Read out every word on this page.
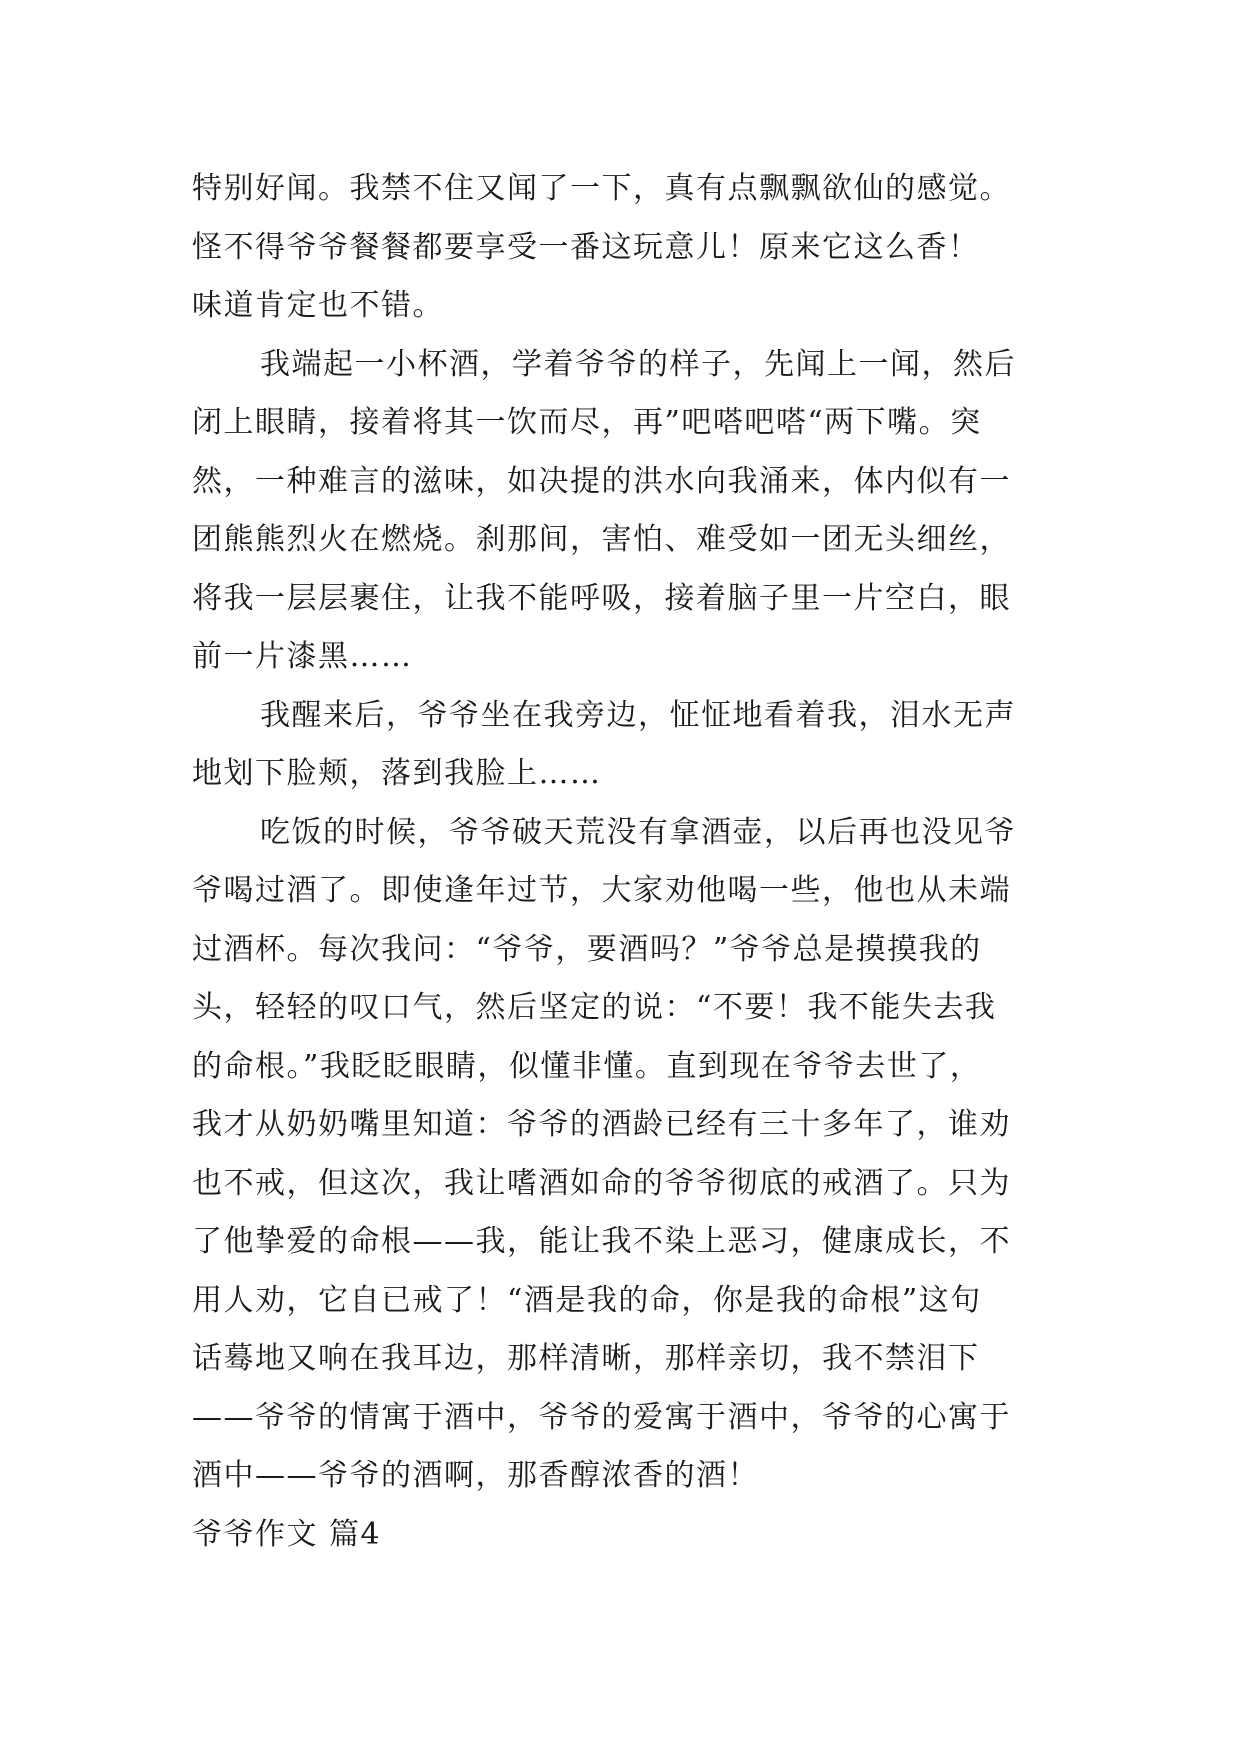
特别好闻。我禁不住又闻了一下，真有点飘飘欲仙的感觉。
怪不得爷爷餐餐都要享受一番这玩意儿！原来它这么香！
味道肯定也不错。

我端起一小杯酒，学着爷爷的样子，先闻上一闻，然后
闭上眼睛，接着将其一饮而尽，再”吧嗒吧嗒“两下嘴。突
然，一种难言的滋味，如决提的洪水向我涌来，体内似有一
团熊熊烈火在燃烧。刹那间，害怕、难受如一团无头细丝，
将我一层层裹住，让我不能呼吸，接着脑子里一片空白，眼
前一片漆黑……

我醒来后，爷爷坐在我旁边，怔怔地看着我，泪水无声
地划下脸颊，落到我脸上……

吃饭的时候，爷爷破天荒没有拿酒壶，以后再也没见爷
爷喝过酒了。即使逢年过节，大家劝他喝一些，他也从未端
过酒杯。每次我问：“爷爷，要酒吗？”爷爷总是摸摸我的
头，轻轻的叹口气，然后坚定的说：“不要！我不能失去我
的命根。”我眨眨眼睛，似懂非懂。直到现在爷爷去世了，
我才从奶奶嘴里知道：爷爷的酒龄已经有三十多年了，谁劝
也不戒，但这次，我让嗜酒如命的爷爷彻底的戒酒了。只为
了他挚爱的命根——我，能让我不染上恶习，健康成长，不
用人劝，它自已戒了！“酒是我的命，你是我的命根”这句
话蓦地又响在我耳边，那样清晰，那样亲切，我不禁泪下
——爷爷的情寓于酒中，爷爷的爱寓于酒中，爷爷的心寓于
酒中——爷爷的酒啊，那香醇浓香的酒！

爷爷作文 篇4
